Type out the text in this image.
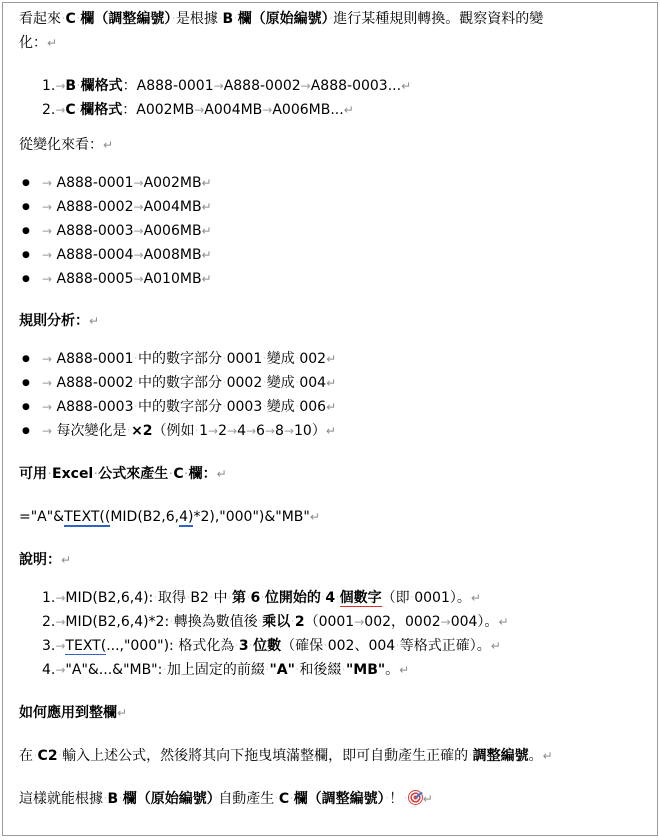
看起來·C·欄（調整編號）·是根據·B·欄（原始編號）·進行某種規則轉換。觀察資料的變
化：↵

1.→B·欄格式：A888-0001→A888-0002→A888-0003...↵
2.→C·欄格式：A002MB→A004MB→A006MB...↵

從變化來看：↵

● → A888-0001→A002MB↵
● → A888-0002→A004MB↵
● → A888-0003→A006MB↵
● → A888-0004→A008MB↵
● → A888-0005→A010MB↵

規則分析：↵

● → A888-0001·中的數字部分·0001·變成·002↵
● → A888-0002·中的數字部分·0002·變成·004↵
● → A888-0003·中的數字部分·0003·變成·006↵
● → 每次變化是·×2（例如·1→2→4→6→8→10）↵

可用·Excel·公式來產生·C·欄：↵

="A"&TEXT((MID(B2,6,4)*2),"000")&"MB"↵

說明：↵

1.→MID(B2,6,4):·取得·B2·中·第·6·位開始的·4·個數字（即·0001）。↵
2.→MID(B2,6,4)*2:·轉換為數值後·乘以·2（0001→002，0002→004）。↵
3.→TEXT(...,"000"):·格式化為·3·位數（確保·002、004·等格式正確）。↵
4.→"A"&...&"MB":·加上固定的前綴·"A"·和後綴·"MB"。↵

如何應用到整欄↵

在·C2·輸入上述公式，然後將其向下拖曳填滿整欄，即可自動產生正確的·調整編號。↵

這樣就能根據·B·欄（原始編號）·自動產生·C·欄（調整編號）·！· ↵
